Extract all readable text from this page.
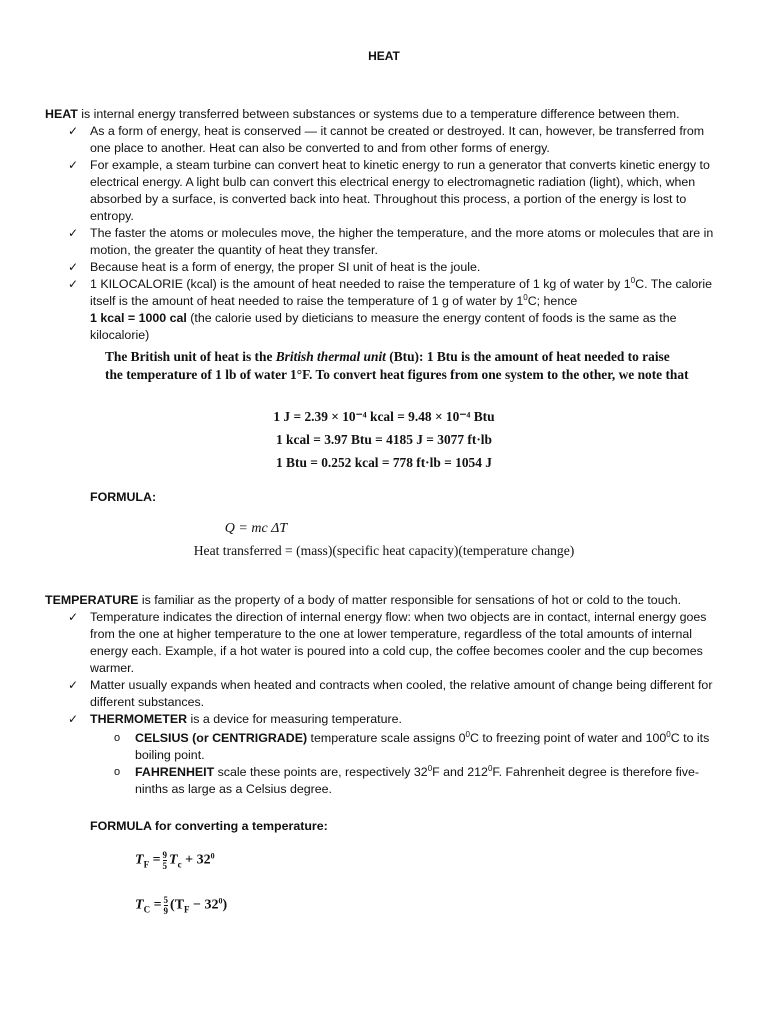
HEAT
HEAT is internal energy transferred between substances or systems due to a temperature difference between them.
✓ As a form of energy, heat is conserved — it cannot be created or destroyed. It can, however, be transferred from one place to another. Heat can also be converted to and from other forms of energy.
✓ For example, a steam turbine can convert heat to kinetic energy to run a generator that converts kinetic energy to electrical energy. A light bulb can convert this electrical energy to electromagnetic radiation (light), which, when absorbed by a surface, is converted back into heat. Throughout this process, a portion of the energy is lost to entropy.
✓ The faster the atoms or molecules move, the higher the temperature, and the more atoms or molecules that are in motion, the greater the quantity of heat they transfer.
✓ Because heat is a form of energy, the proper SI unit of heat is the joule.
✓ 1 KILOCALORIE (kcal) is the amount of heat needed to raise the temperature of 1 kg of water by $1^0C$. The calorie itself is the amount of heat needed to raise the temperature of 1 g of water by $1^0C$; hence
1 kcal = 1000 cal (the calorie used by dieticians to measure the energy content of foods is the same as the kilocalorie)
The British unit of heat is the British thermal unit (Btu): 1 Btu is the amount of heat needed to raise the temperature of 1 lb of water 1°F. To convert heat figures from one system to the other, we note that
1 J = 2.39 × 10⁻⁴ kcal = 9.48 × 10⁻⁴ Btu
1 kcal = 3.97 Btu = 4185 J = 3077 ft·lb
1 Btu = 0.252 kcal = 778 ft·lb = 1054 J
FORMULA:
Q = mc ΔT
Heat transferred = (mass)(specific heat capacity)(temperature change)
TEMPERATURE is familiar as the property of a body of matter responsible for sensations of hot or cold to the touch.
✓ Temperature indicates the direction of internal energy flow: when two objects are in contact, internal energy goes from the one at higher temperature to the one at lower temperature, regardless of the total amounts of internal energy each. Example, if a hot water is poured into a cold cup, the coffee becomes cooler and the cup becomes warmer.
✓ Matter usually expands when heated and contracts when cooled, the relative amount of change being different for different substances.
✓ THERMOMETER is a device for measuring temperature.
o CELSIUS (or CENTRIGRADE) temperature scale assigns $0^0C$ to freezing point of water and $100^0C$ to its boiling point.
o FAHRENHEIT scale these points are, respectively $32^0F$ and $212^0F$. Fahrenheit degree is therefore five-ninths as large as a Celsius degree.
FORMULA for converting a temperature:
$T_F = \frac{9}{5} T_c + 32^0$
$T_C = \frac{5}{9} (T_F - 32^0)$
